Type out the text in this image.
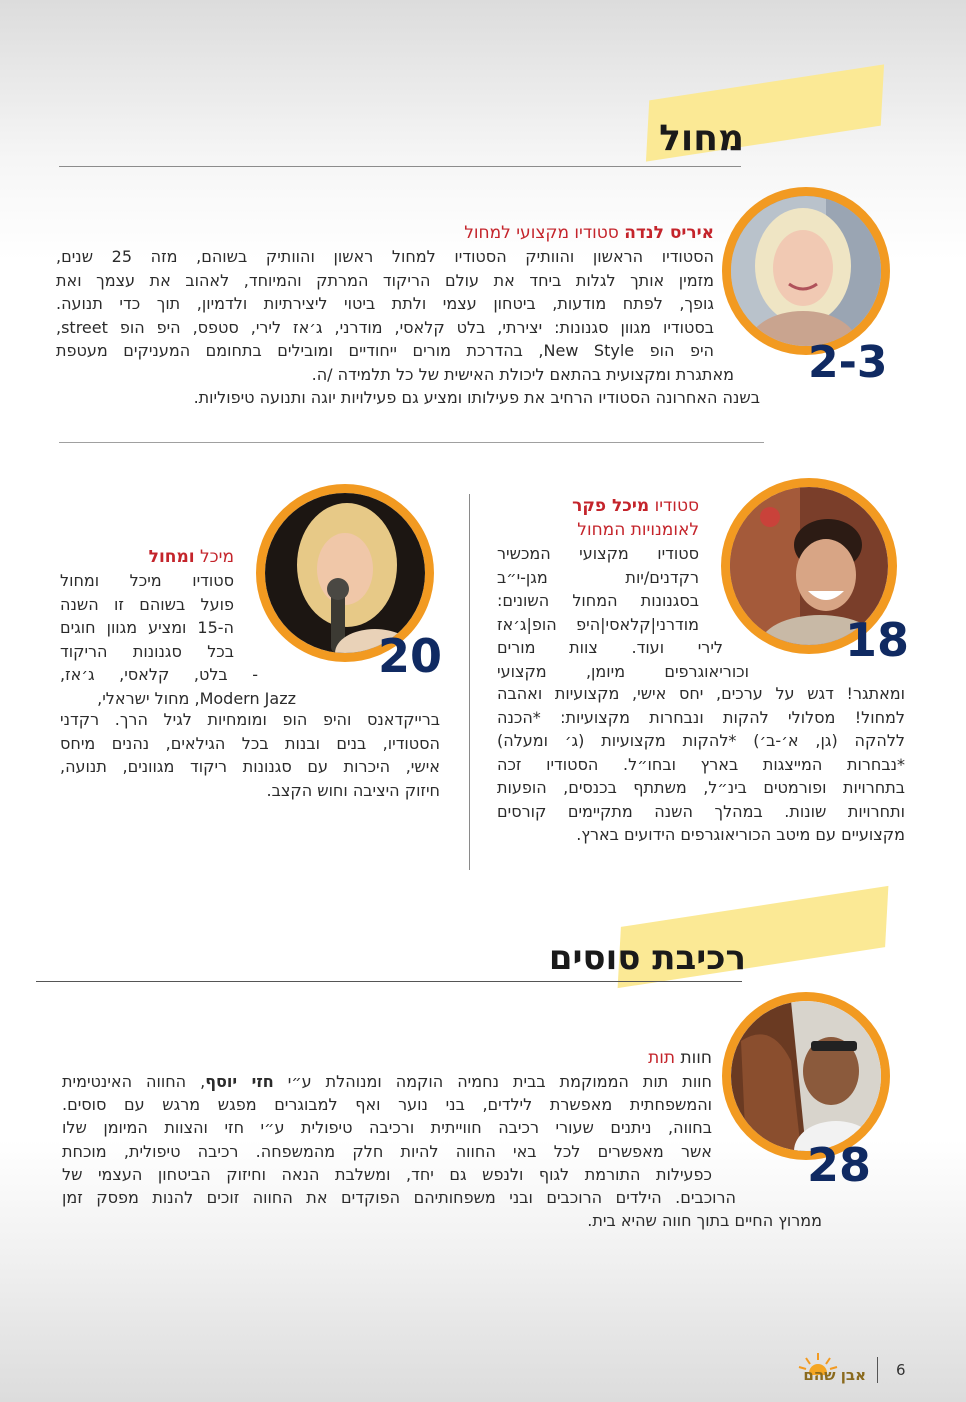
מחול
2-3

איריס לנדה סטודיו מקצועי למחול

הסטודיו הראשון והוותיק הסטודיו למחול ראשון והוותיק בשוהם, מזה 25 שנים,

מזמין אותך לגלות ביחד את עולם הריקוד המרתק והמיוחד, לאהוב את עצמך ואת

גופך, לפתח מודעות, ביטחון עצמי ולתת ביטוי ליצירתיות ולדמיון, תוך כדי תנועה.

בסטודיו מגוון סגנונות: יצירתי, בלט קלאסי, מודרני, ג׳אז לירי, סטפס, היפ הופ street,

היפ הופ New Style, בהדרכת מורים ייחודיים ומובילים בתחומם המעניקים מעטפת

מאתגרת ומקצועית בהתאם ליכולת האישית של כל תלמידה /ה.

בשנה האחרונה הסטודיו הרחיב את פעילותו ומציע גם פעילויות יוגה ותנועה טיפוליות.

18

סטודיו מיכל פקר

לאומנויות המחול

סטודיו מקצועי המכשיר

רקדנים/יות מגן-י״ב

בסגנונות המחול השונים:

מודרני|קלאסי|היפ הופ|ג׳אז

לירי ועוד. צוות מורים

וכוריאוגרפים מיומן, מקצועי

ומאתגר! דגש על ערכים, יחס אישי, מקצועיות ואהבה

למחול! מסלולי להקות ונבחרות מקצועיות: *הכנה

ללהקה (גן, א׳-ב׳) *להקות מקצועיות (ג׳ ומעלה)

*נבחרות המייצגות בארץ ובחו״ל. הסטודיו זכה

בתחרויות ופורמטים בינ״ל, משתתף בכנסים, הופעות

ותחרויות שונות. במהלך השנה מתקיימים קורסים

מקצועיים עם מיטב הכוריאוגרפים הידועים בארץ.

20

מיכל ומחול

סטודיו מיכל ומחול

פועל בשוהם זו השנה

ה-15 ומציע מגוון חוגים

בכל סגנונות הריקוד

- בלט, קלאסי, ג׳אז,

Modern Jazz, מחול ישראלי,

ברייקדאנס והיפ הופ ומומחיות לגיל הרך. רקדני

הסטודיו, בנים ובנות בכל הגילאים, נהנים מיחס

אישי, היכרות עם סגנונות ריקוד מגוונים, תנועה,

חיזוק היציבה וחוש הקצב.

רכיבת סוסים
28

חוות תות

חוות תות הממוקמת בבית נחמיה הוקמה ומנוהלת ע״י חזי יוסף, החווה האינטימית

והמשפחתית מאפשרת לילדים, בני נוער ואף למבוגרים מפגש מרגש עם סוסים.

בחווה, ניתנים שעורי רכיבה חווייתית ורכיבה טיפולית ע״י חזי והצוות המיומן שלו

אשר מאפשרים לכל באי החווה להיות חלק מהמשפחה. רכיבה טיפולית, מוכחת

כפעילות התורמת לגוף ולנפש גם יחד, ומשלבת הנאה וחיזוק הביטחון העצמי של

הרוכבים. הילדים הרוכבים ובני משפחותיהם הפוקדים את החווה זוכים להנות מפסק זמן

ממרוץ החיים בתוך חווה שהיא בית.

6
אבן שהם
